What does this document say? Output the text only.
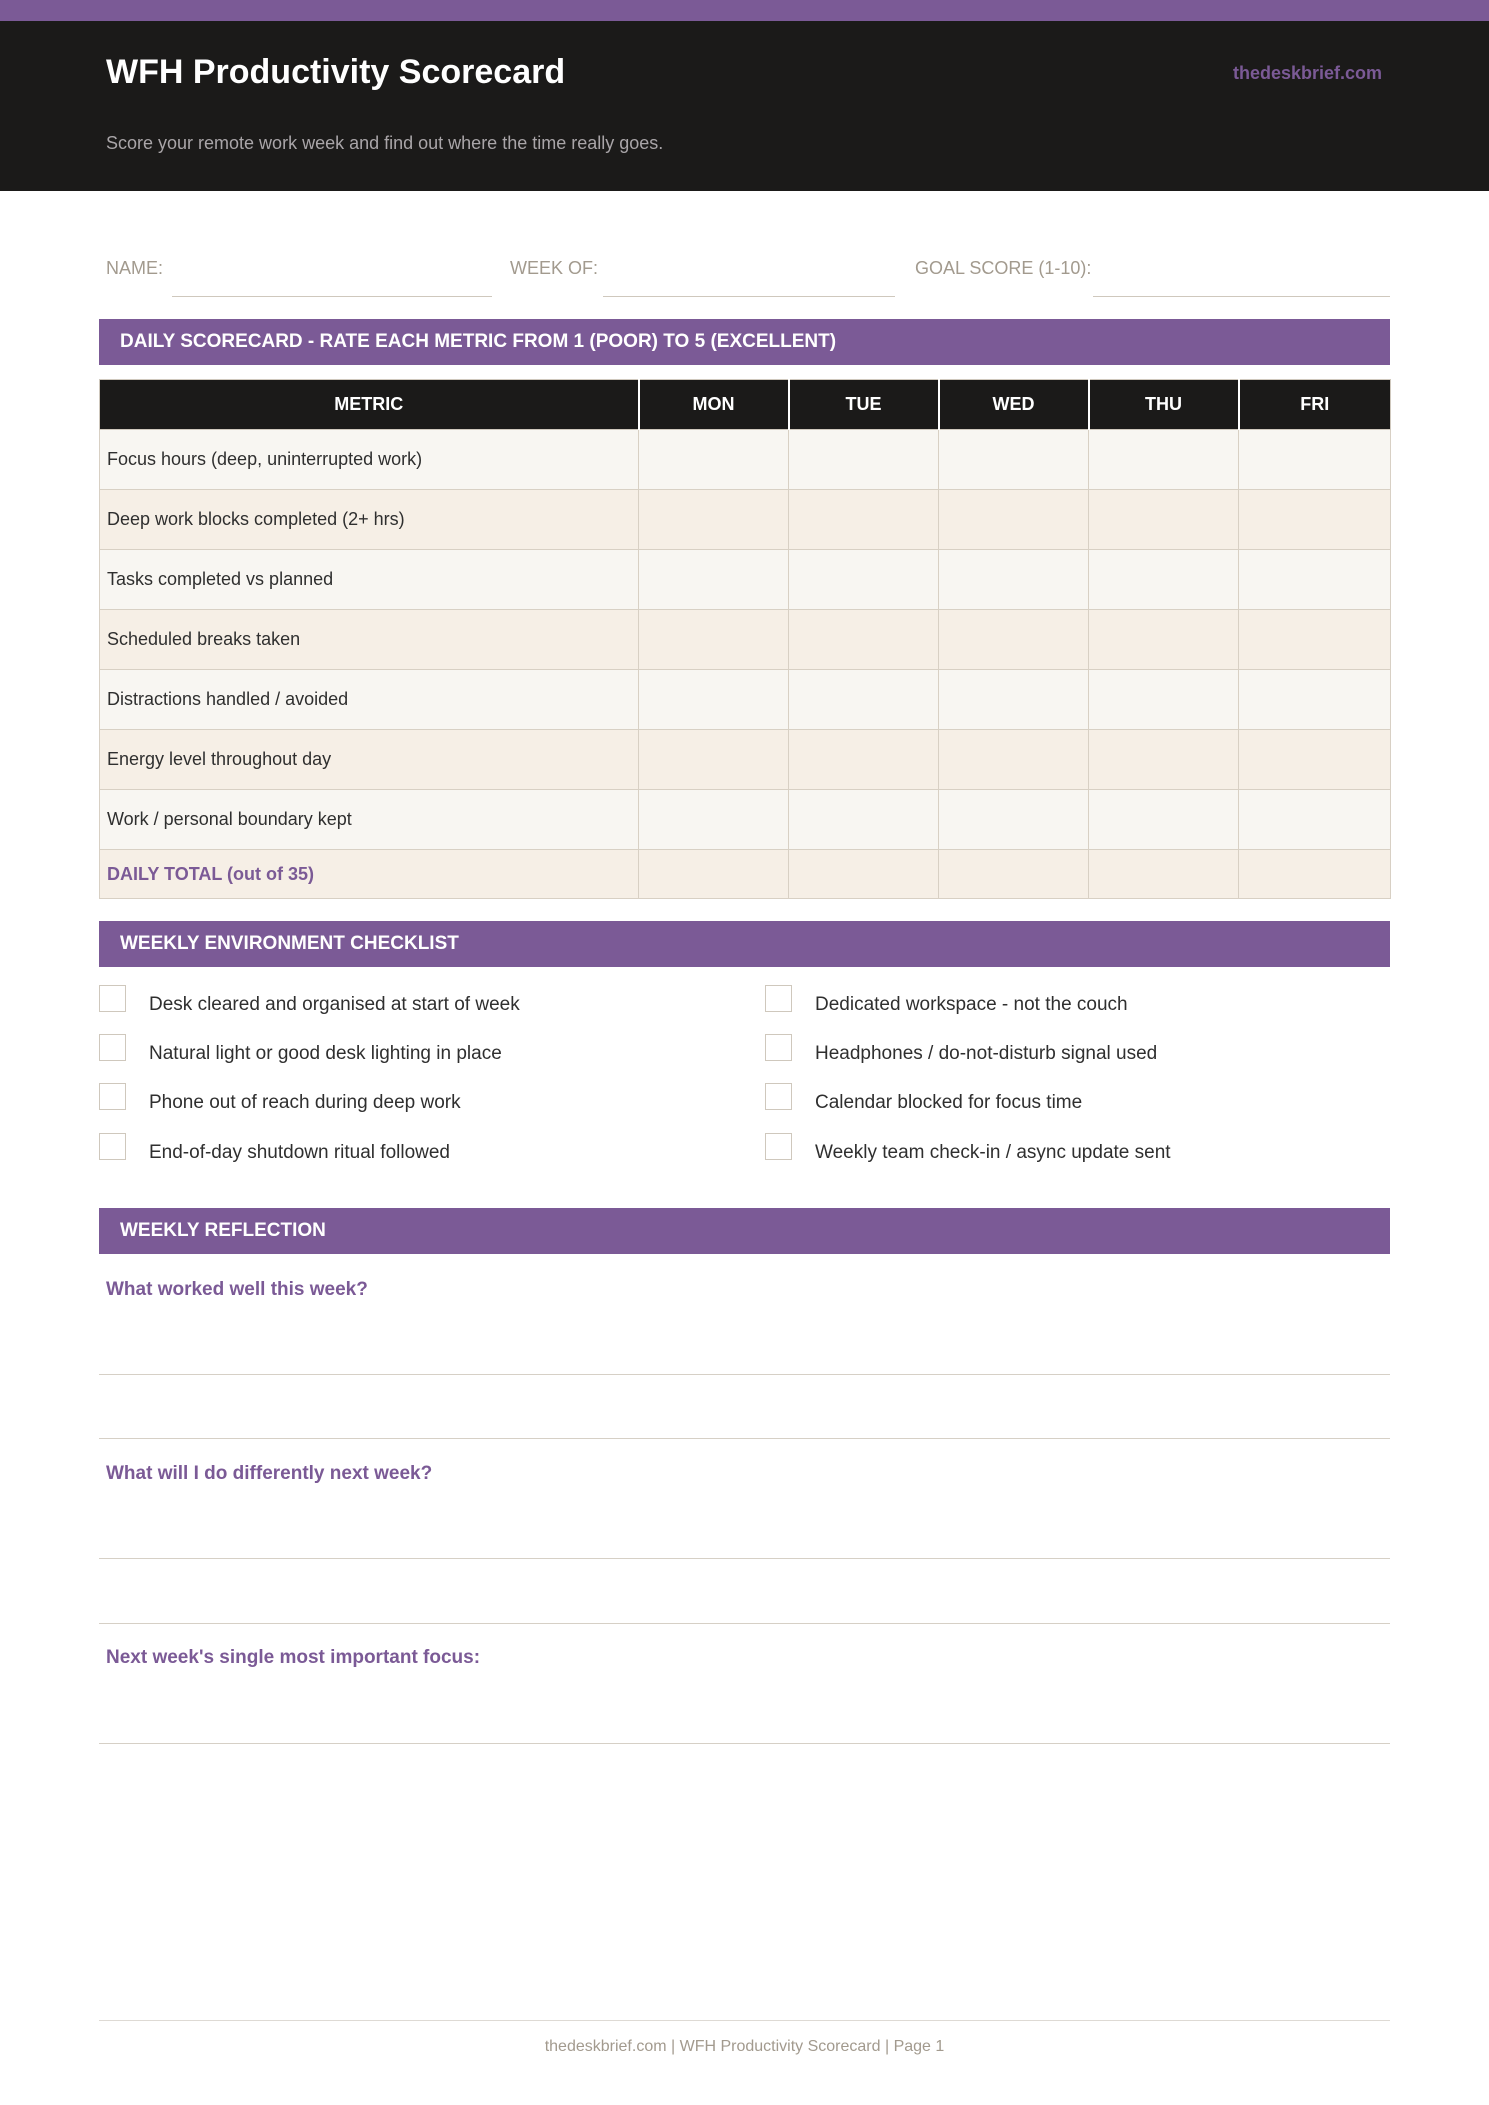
WFH Productivity Scorecard	thedeskbrief.com
Score your remote work week and find out where the time really goes.
NAME:	WEEK OF:	GOAL SCORE (1-10):
DAILY SCORECARD - RATE EACH METRIC FROM 1 (POOR) TO 5 (EXCELLENT)
METRIC	MON	TUE	WED	THU	FRI
Focus hours (deep, uninterrupted work)					
Deep work blocks completed (2+ hrs)					
Tasks completed vs planned					
Scheduled breaks taken					
Distractions handled / avoided					
Energy level throughout day					
Work / personal boundary kept					
DAILY TOTAL (out of 35)					
WEEKLY ENVIRONMENT CHECKLIST
Desk cleared and organised at start of week
Natural light or good desk lighting in place
Phone out of reach during deep work
End-of-day shutdown ritual followed
Dedicated workspace - not the couch
Headphones / do-not-disturb signal used
Calendar blocked for focus time
Weekly team check-in / async update sent
WEEKLY REFLECTION
What worked well this week?
What will I do differently next week?
Next week's single most important focus:
thedeskbrief.com | WFH Productivity Scorecard | Page 1
